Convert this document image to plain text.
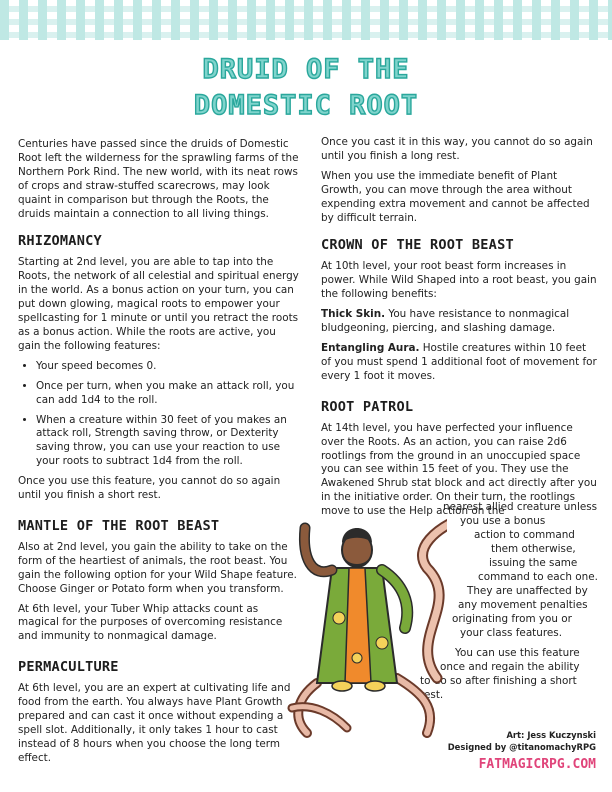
DRUID OF THE
DOMESTIC ROOT

Centuries have passed since the druids of Domestic Root left the wilderness for the sprawling farms of the Northern Pork Rind. The new world, with its neat rows of crops and straw-stuffed scarecrows, may look quaint in comparison but through the Roots, the druids maintain a connection to all living things.

RHIZOMANCY

Starting at 2nd level, you are able to tap into the Roots, the network of all celestial and spiritual energy in the world. As a bonus action on your turn, you can put down glowing, magical roots to empower your spellcasting for 1 minute or until you retract the roots as a bonus action. While the roots are active, you gain the following features:

• Your speed becomes 0.
• Once per turn, when you make an attack roll, you can add 1d4 to the roll.
• When a creature within 30 feet of you makes an attack roll, Strength saving throw, or Dexterity saving throw, you can use your reaction to use your roots to subtract 1d4 from the roll.

Once you use this feature, you cannot do so again until you finish a short rest.

MANTLE OF THE ROOT BEAST

Also at 2nd level, you gain the ability to take on the form of the heartiest of animals, the root beast. You gain the following option for your Wild Shape feature. Choose Ginger or Potato form when you transform.

At 6th level, your Tuber Whip attacks count as magical for the purposes of overcoming resistance and immunity to nonmagical damage.

PERMACULTURE

At 6th level, you are an expert at cultivating life and food from the earth. You always have Plant Growth prepared and can cast it once without expending a spell slot. Additionally, it only takes 1 hour to cast instead of 8 hours when you choose the long term effect.

Once you cast it in this way, you cannot do so again until you finish a long rest.

When you use the immediate benefit of Plant Growth, you can move through the area without expending extra movement and cannot be affected by difficult terrain.

CROWN OF THE ROOT BEAST

At 10th level, your root beast form increases in power. While Wild Shaped into a root beast, you gain the following benefits:

Thick Skin. You have resistance to nonmagical bludgeoning, piercing, and slashing damage.

Entangling Aura. Hostile creatures within 10 feet of you must spend 1 additional foot of movement for every 1 foot it moves.

ROOT PATROL

At 14th level, you have perfected your influence over the Roots. As an action, you can raise 2d6 rootlings from the ground in an unoccupied space you can see within 15 feet of you. They use the Awakened Shrub stat block and act directly after you in the initiative order. On their turn, the rootlings move to use the Help action on the

nearest allied creature unless
you use a bonus
action to command
them otherwise,
issuing the same
command to each one.
They are unaffected by
any movement penalties
originating from you or
your class features.
You can use this feature
once and regain the ability
to do so after finishing a short
rest.
Art: Jess Kuczynski
Designed by @titanomachyRPG
FATMAGICRPG.COM
